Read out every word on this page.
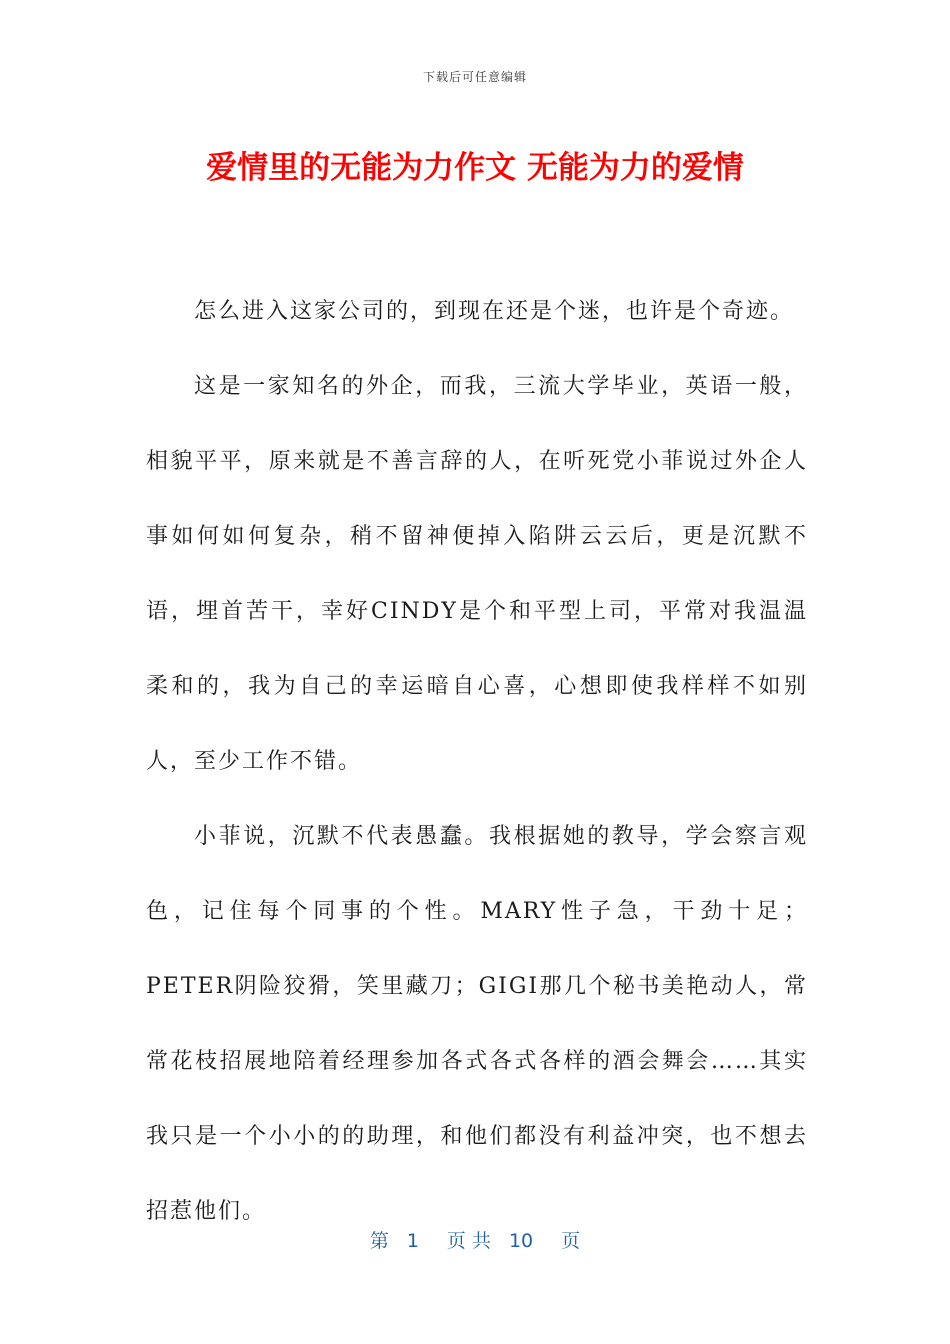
下载后可任意编辑
爱情里的无能为力作文 无能为力的爱情

怎么进入这家公司的，到现在还是个迷，也许是个奇迹。

这是一家知名的外企，而我，三流大学毕业，英语一般，相貌平平，原来就是不善言辞的人，在听死党小菲说过外企人事如何如何复杂，稍不留神便掉入陷阱云云后，更是沉默不语，埋首苦干，幸好CINDY是个和平型上司，平常对我温温柔和的，我为自己的幸运暗自心喜，心想即使我样样不如别人，至少工作不错。

小菲说，沉默不代表愚蠢。我根据她的教导，学会察言观色，记住每个同事的个性。MARY性子急，干劲十足；PETER阴险狡猾，笑里藏刀；GIGI那几个秘书美艳动人，常常花枝招展地陪着经理参加各式各式各样的酒会舞会……其实我只是一个小小的的助理，和他们都没有利益冲突，也不想去招惹他们。

第 1 页 共 10 页
